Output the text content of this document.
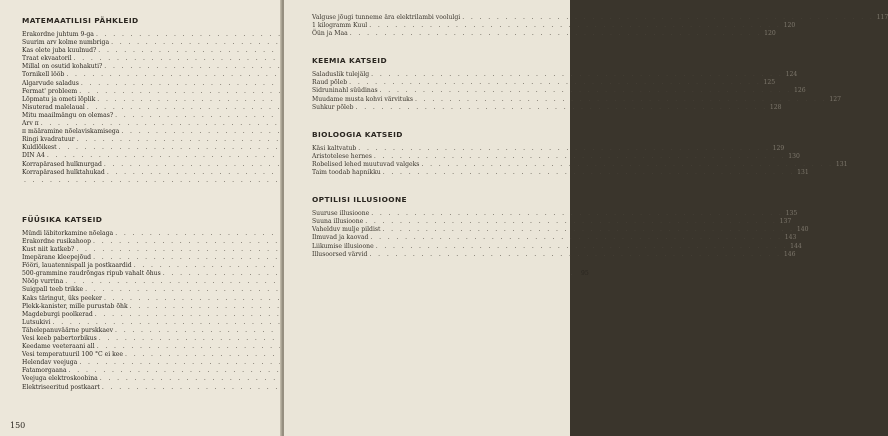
MATEMAATILISI PÄHKLEID
Erakordne juhtum 9-ga
. . .
Suurim arv kolme numbriga
. . .
Kas olete juba kuulnud?
. . .
Traat ekvaatoril
. . .
Millal on osutid kohakuti?
. . .
Tornikell lööb
. . .
Algarvude saladus
. . .
Fermat' probleem
. . .
Lõpmatu ja ometi lõplik
. . .
Nisuterad malelaual
. . .
Mitu maailmängu on olemas?
. . .
Arv π
. . .
π määramine nõelaviskamisega
. . .
Ringi kvadratuur
. . .
Kuldlõikest
. . .
DIN A4
. . .
Korrapärased hulknurgad
. . .
Korrapärased hulktahukad
. . .
. . .
FÜÜSIKA KATSEID
Mündi läbitorkamine nõelaga
. . .
Erakordne rusikahoop
. . .
Kust niit katkeb?
. . .
Imepärane kleepejõud
. . .
Fööri, lauatennispall ja postkaardid
. . .
500-grammine raudrõngas ripub vahalt õhus . . .	95
Nööp vurrina
. . .
Suigpall teeb trikke
. . .
Kaks täringut, üks peeker
. . .
Plekk-kanister, mille purustab õhk
. . .
Magdeburgi poolkerad
. . .
Lutsukivi
. . .
Tähelepanuväärne purskkaev
. . .
Vesi keeb pabertorbikus
. . .
Keedame veeteraani all
. . .
Vesi temperatuuril 100 °C ei kee
. . .
Helendav veejuga
. . .
Fatamorgaana
. . .
Veejuga elektroskoobina
. . .
Elektriseeritud postkaart
. . .
150
Valguse jõugi tunneme ära elektrilambi voolulgi . . .	117
1 kilogramm Kuul . . .	120
Öün ja Maa . . .	120
KEEMIA KATSEID
Saladuslik tulejälg . . .	124
Raud põleb . . .	125
Sidruninahl süüdinas . . .	126
Muudame musta kohvi värvituks . . .	127
Suhkur põleb . . .	128
BIOLOOGIA KATSEID
Käsi kaltvatub . . .	129
Aristotelese hernes . . .	130
Robelised lehed muutuvad valgeks . . .	131
Taim toodab hapnikku . . .	131
OPTILISI ILLUSIOONE
Suuruse illusioone . . .	135
Suuna illusioone . . .	137
Vahelduv mulje pildist . . .	140
Ilmuvad ja kaovad . . .	143
Liikumise illusioone . . .	144
Illusoorsed värvid . . .	146
